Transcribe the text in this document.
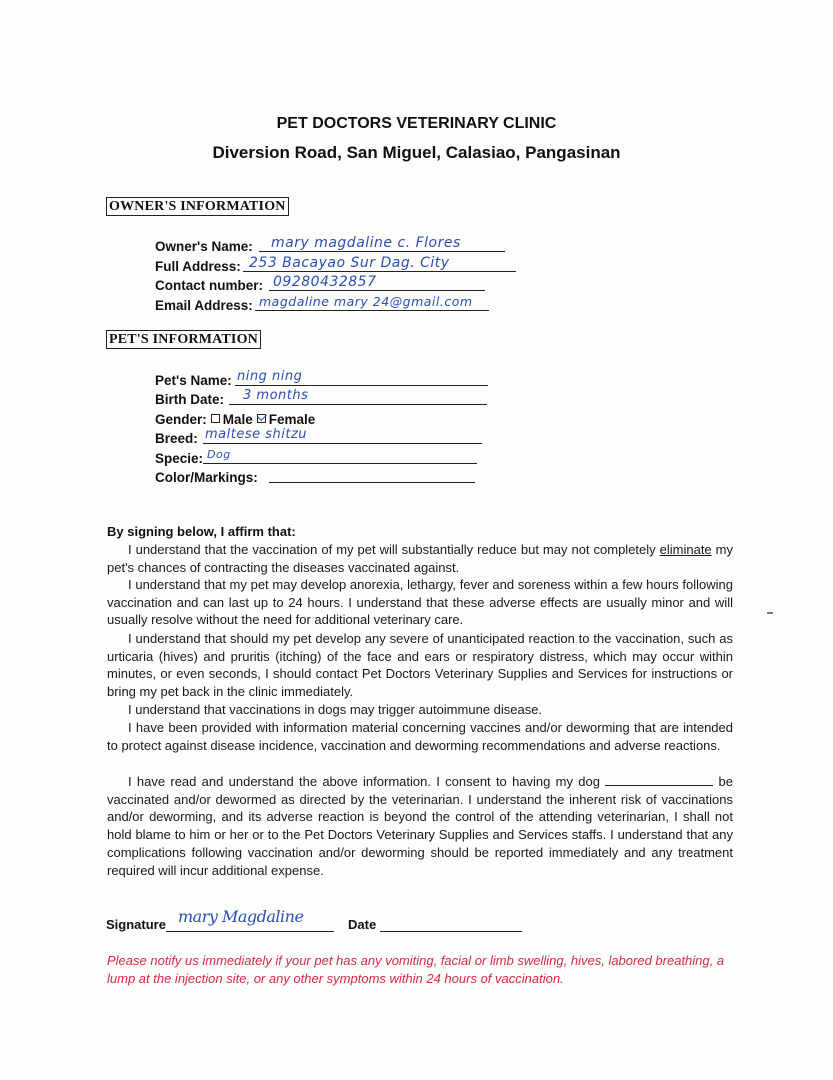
PET DOCTORS VETERINARY CLINIC
Diversion Road, San Miguel, Calasiao, Pangasinan
OWNER'S INFORMATION
Owner's Name: mary magdaline c. Flores
Full Address: 253 Bacayao Sur Dag. City
Contact number: 09280432857
Email Address: magdaline mary 24@gmail.com
PET'S INFORMATION
Pet's Name: ning ning
Birth Date: 3 months
Gender: Male Female
Breed: maltese shitzu
Specie: Dog
Color/Markings:
By signing below, I affirm that:
I understand that the vaccination of my pet will substantially reduce but may not completely eliminate my pet's chances of contracting the diseases vaccinated against.
I understand that my pet may develop anorexia, lethargy, fever and soreness within a few hours following vaccination and can last up to 24 hours. I understand that these adverse effects are usually minor and will usually resolve without the need for additional veterinary care.
I understand that should my pet develop any severe of unanticipated reaction to the vaccination, such as urticaria (hives) and pruritis (itching) of the face and ears or respiratory distress, which may occur within minutes, or even seconds, I should contact Pet Doctors Veterinary Supplies and Services for instructions or bring my pet back in the clinic immediately.
I understand that vaccinations in dogs may trigger autoimmune disease.
I have been provided with information material concerning vaccines and/or deworming that are intended to protect against disease incidence, vaccination and deworming recommendations and adverse reactions.
I have read and understand the above information. I consent to having my dog	be vaccinated and/or dewormed as directed by the veterinarian. I understand the inherent risk of vaccinations and/or deworming, and its adverse reaction is beyond the control of the attending veterinarian, I shall not hold blame to him or her or to the Pet Doctors Veterinary Supplies and Services staffs. I understand that any complications following vaccination and/or deworming should be reported immediately and any treatment required will incur additional expense.
Signature mary Magdaline	Date
Please notify us immediately if your pet has any vomiting, facial or limb swelling, hives, labored breathing, a lump at the injection site, or any other symptoms within 24 hours of vaccination.
